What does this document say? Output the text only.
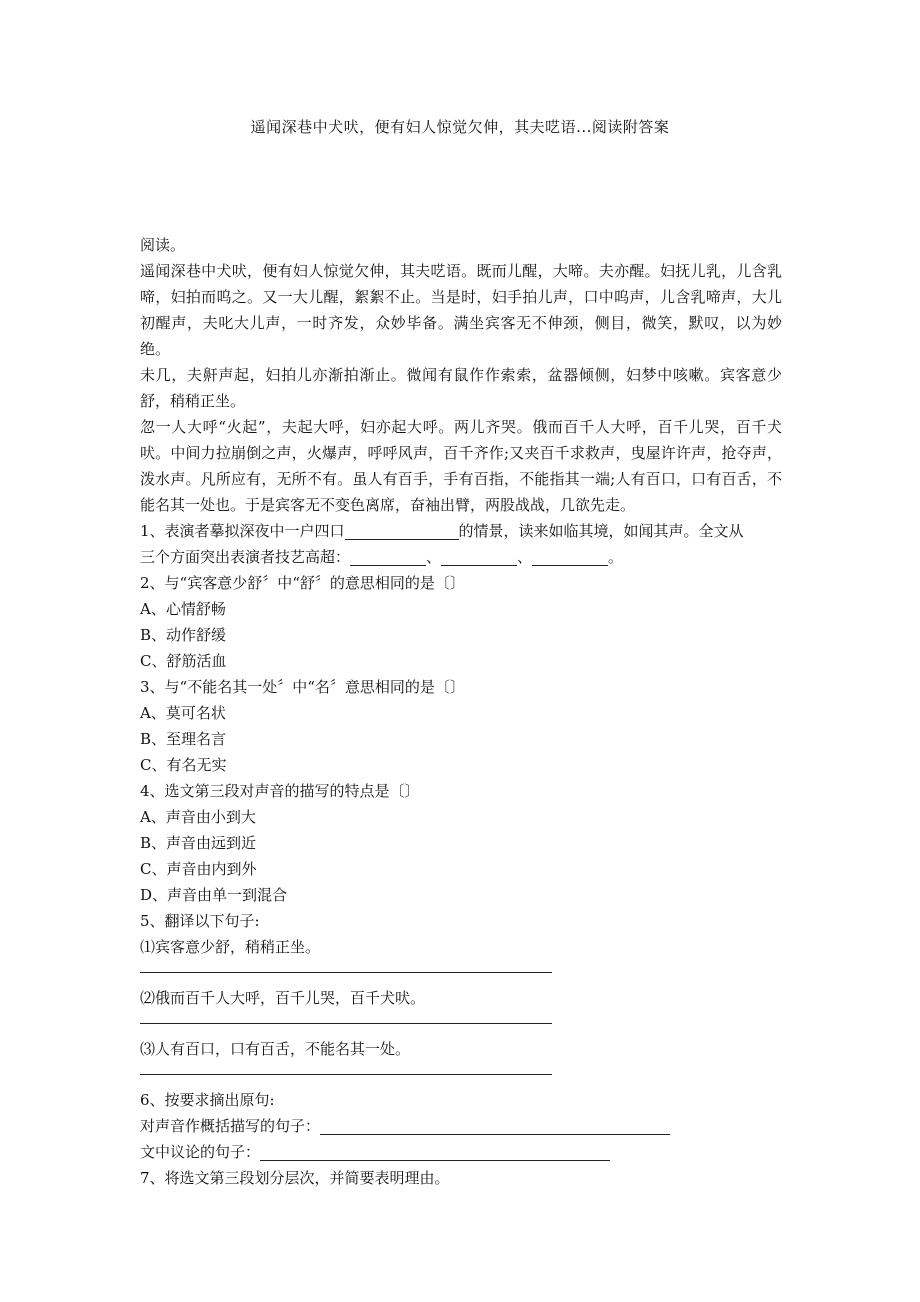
遥闻深巷中犬吠，便有妇人惊觉欠伸，其夫呓语...阅读附答案

阅读。

遥闻深巷中犬吠，便有妇人惊觉欠伸，其夫呓语。既而儿醒，大啼。夫亦醒。妇抚儿乳，儿含乳啼，妇拍而呜之。又一大儿醒，絮絮不止。当是时，妇手拍儿声，口中呜声，儿含乳啼声，大儿初醒声，夫叱大儿声，一时齐发，众妙毕备。满坐宾客无不伸颈，侧目，微笑，默叹，以为妙绝。

未几，夫鼾声起，妇拍儿亦渐拍渐止。微闻有鼠作作索索，盆器倾侧，妇梦中咳嗽。宾客意少舒，稍稍正坐。

忽一人大呼“火起”，夫起大呼，妇亦起大呼。两儿齐哭。俄而百千人大呼，百千儿哭，百千犬吠。中间力拉崩倒之声，火爆声，呼呼风声，百千齐作;又夹百千求救声，曳屋许许声，抢夺声，泼水声。凡所应有，无所不有。虽人有百手，手有百指，不能指其一端;人有百口，口有百舌，不能名其一处也。于是宾客无不变色离席，奋袖出臂，两股战战，几欲先走。

1、表演者摹拟深夜中一户四口	的情景，读来如临其境，如闻其声。全文从

三个方面突出表演者技艺高超：	、	、	。

2、与“宾客意少舒〞中“舒〞的意思相同的是〔〕

A、心情舒畅

B、动作舒缓

C、舒筋活血

3、与“不能名其一处〞中“名〞意思相同的是〔〕

A、莫可名状

B、至理名言

C、有名无实

4、选文第三段对声音的描写的特点是〔〕

A、声音由小到大

B、声音由远到近

C、声音由内到外

D、声音由单一到混合

5、翻译以下句子:

⑴宾客意少舒，稍稍正坐。

⑵俄而百千人大呼，百千儿哭，百千犬吠。

⑶人有百口，口有百舌，不能名其一处。

6、按要求摘出原句:

对声音作概括描写的句子：

文中议论的句子：

7、将选文第三段划分层次，并简要表明理由。
